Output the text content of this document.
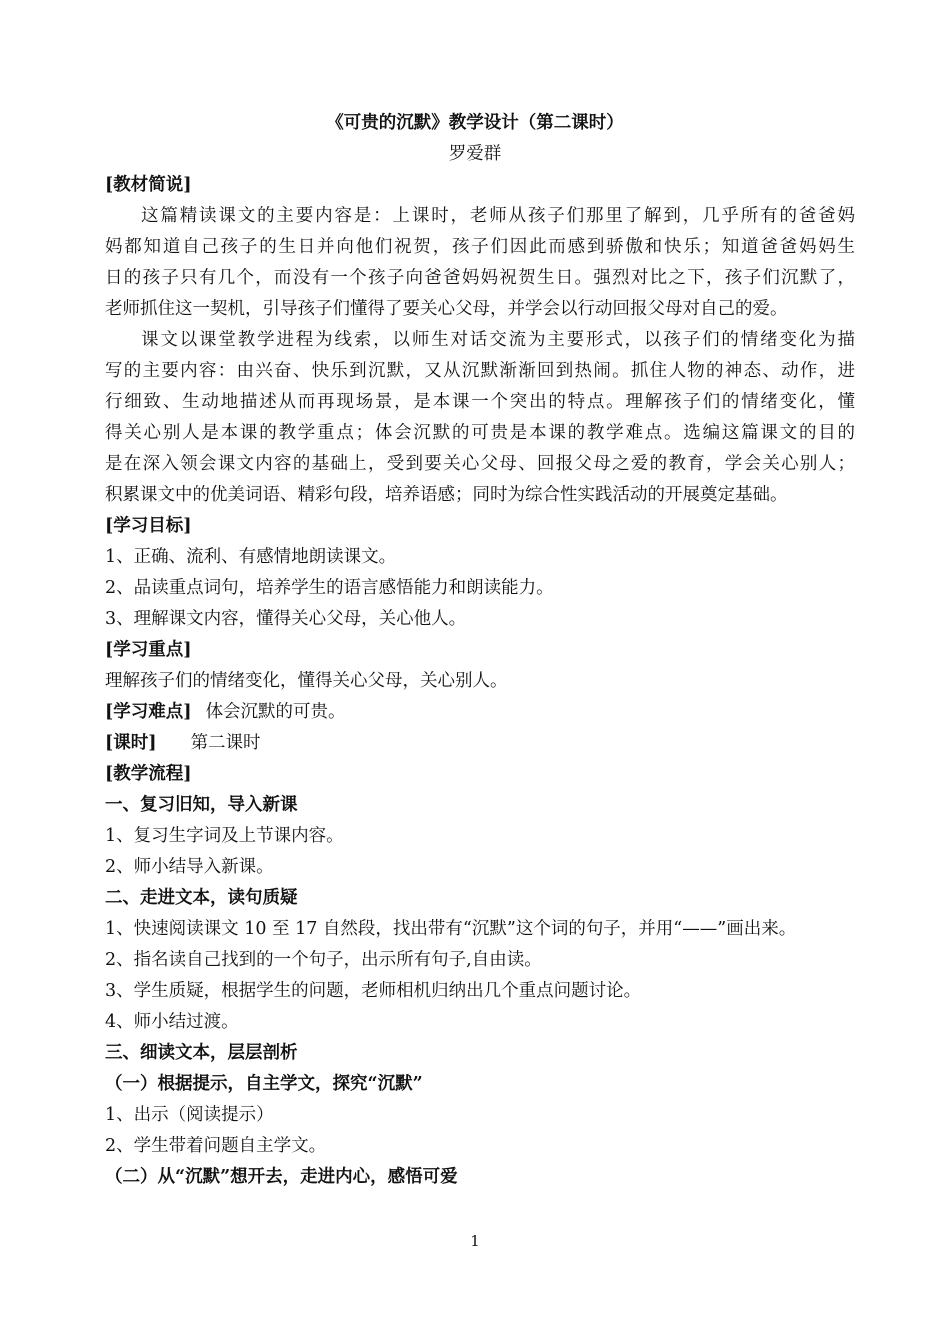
《可贵的沉默》教学设计（第二课时）
罗爱群
[教材简说]
这篇精读课文的主要内容是：上课时，老师从孩子们那里了解到，几乎所有的爸爸妈
妈都知道自己孩子的生日并向他们祝贺，孩子们因此而感到骄傲和快乐；知道爸爸妈妈生
日的孩子只有几个，而没有一个孩子向爸爸妈妈祝贺生日。强烈对比之下，孩子们沉默了，
老师抓住这一契机，引导孩子们懂得了要关心父母，并学会以行动回报父母对自己的爱。
课文以课堂教学进程为线索，以师生对话交流为主要形式，以孩子们的情绪变化为描
写的主要内容：由兴奋、快乐到沉默，又从沉默渐渐回到热闹。抓住人物的神态、动作，进
行细致、生动地描述从而再现场景，是本课一个突出的特点。理解孩子们的情绪变化，懂
得关心别人是本课的教学重点；体会沉默的可贵是本课的教学难点。选编这篇课文的目的
是在深入领会课文内容的基础上，受到要关心父母、回报父母之爱的教育，学会关心别人；
积累课文中的优美词语、精彩句段，培养语感；同时为综合性实践活动的开展奠定基础。
[学习目标]
1、正确、流利、有感情地朗读课文。
2、品读重点词句，培养学生的语言感悟能力和朗读能力。
3、理解课文内容，懂得关心父母，关心他人。
[学习重点]
理解孩子们的情绪变化，懂得关心父母，关心别人。
[学习难点] 体会沉默的可贵。
[课时] 第二课时
[教学流程]
一、复习旧知，导入新课
1、复习生字词及上节课内容。
2、师小结导入新课。
二、走进文本，读句质疑
1、快速阅读课文 10 至 17 自然段，找出带有“沉默”这个词的句子，并用“——”画出来。
2、指名读自己找到的一个句子，出示所有句子,自由读。
3、学生质疑，根据学生的问题，老师相机归纳出几个重点问题讨论。
4、师小结过渡。
三、细读文本，层层剖析
（一）根据提示，自主学文，探究“沉默”
1、出示（阅读提示）
2、学生带着问题自主学文。
（二）从“沉默”想开去，走进内心，感悟可爱
1
